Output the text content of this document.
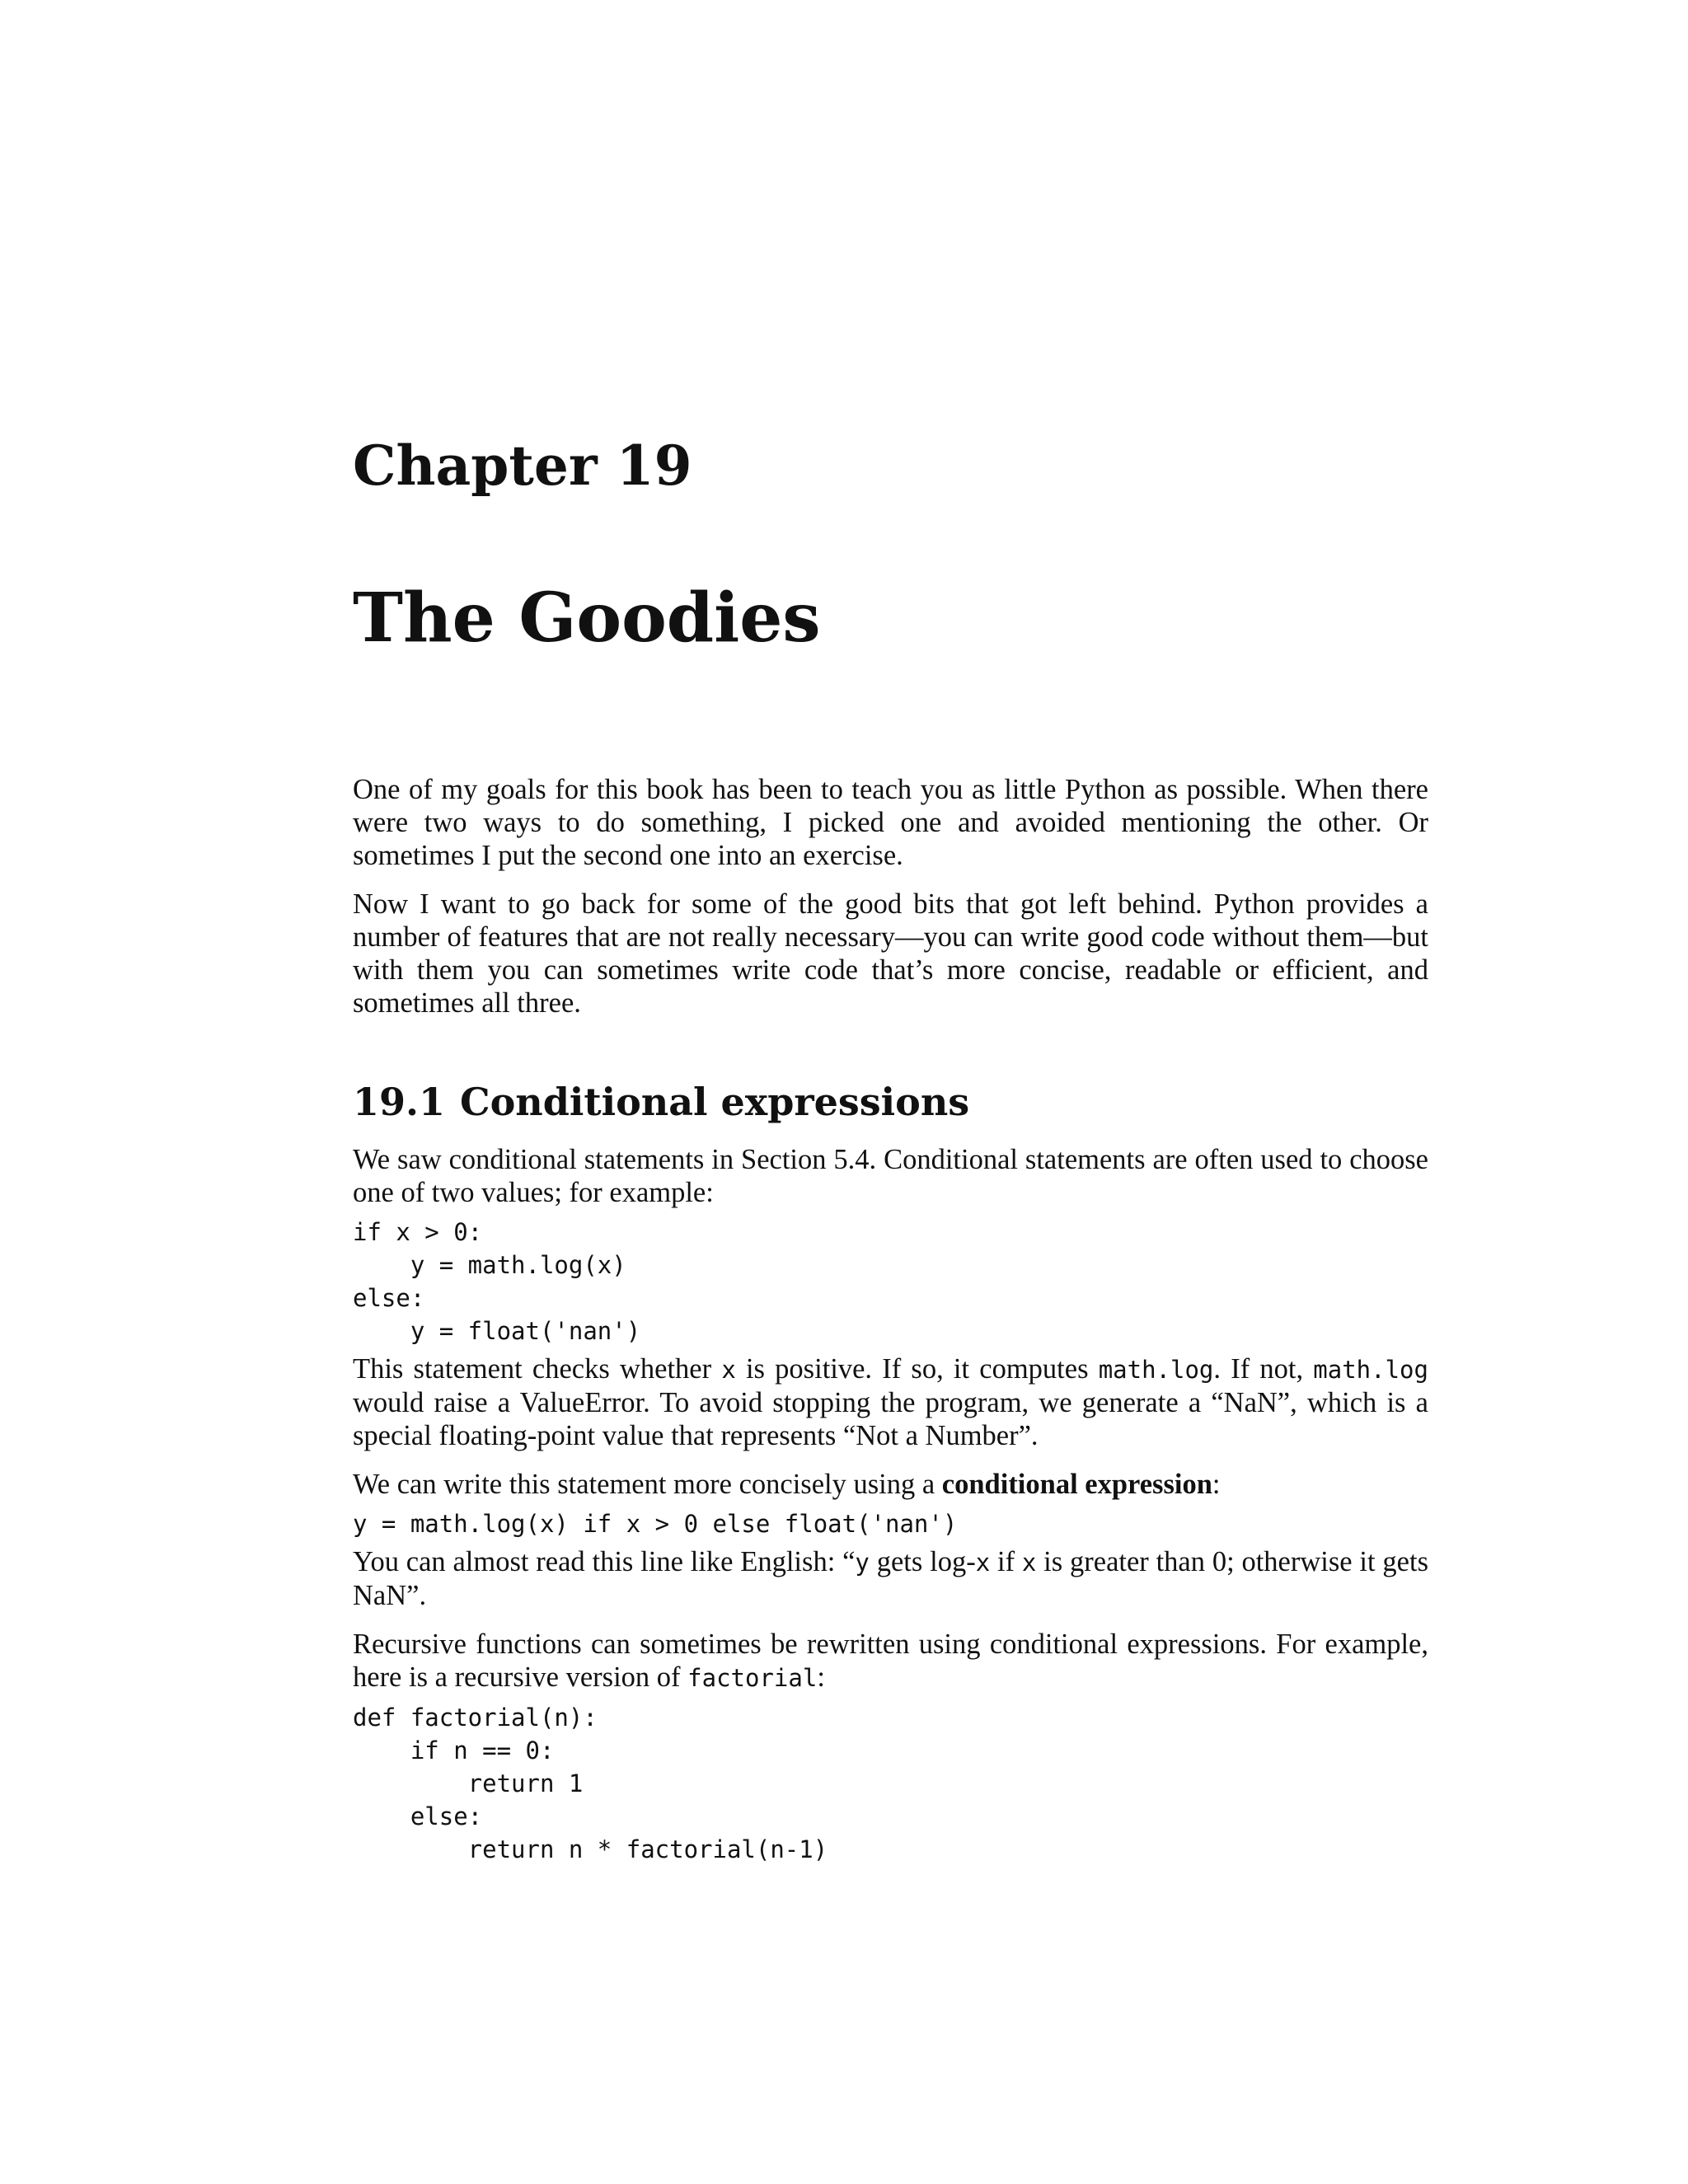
Chapter 19
The Goodies

One of my goals for this book has been to teach you as little Python as possible. When there were two ways to do something, I picked one and avoided mentioning the other. Or sometimes I put the second one into an exercise.

Now I want to go back for some of the good bits that got left behind. Python provides a number of features that are not really necessary—you can write good code without them—but with them you can sometimes write code that’s more concise, readable or efficient, and sometimes all three.

19.1 Conditional expressions

We saw conditional statements in Section 5.4. Conditional statements are often used to choose one of two values; for example:

if x > 0:
y = math.log(x)
else:
y = float('nan')

This statement checks whether x is positive. If so, it computes math.log. If not, math.log would raise a ValueError. To avoid stopping the program, we generate a “NaN”, which is a special floating-point value that represents “Not a Number”.

We can write this statement more concisely using a conditional expression:

y = math.log(x) if x > 0 else float('nan')

You can almost read this line like English: “y gets log-x if x is greater than 0; otherwise it gets NaN”.

Recursive functions can sometimes be rewritten using conditional expressions. For example, here is a recursive version of factorial:

def factorial(n):
if n == 0:
return 1
else:
return n * factorial(n-1)
